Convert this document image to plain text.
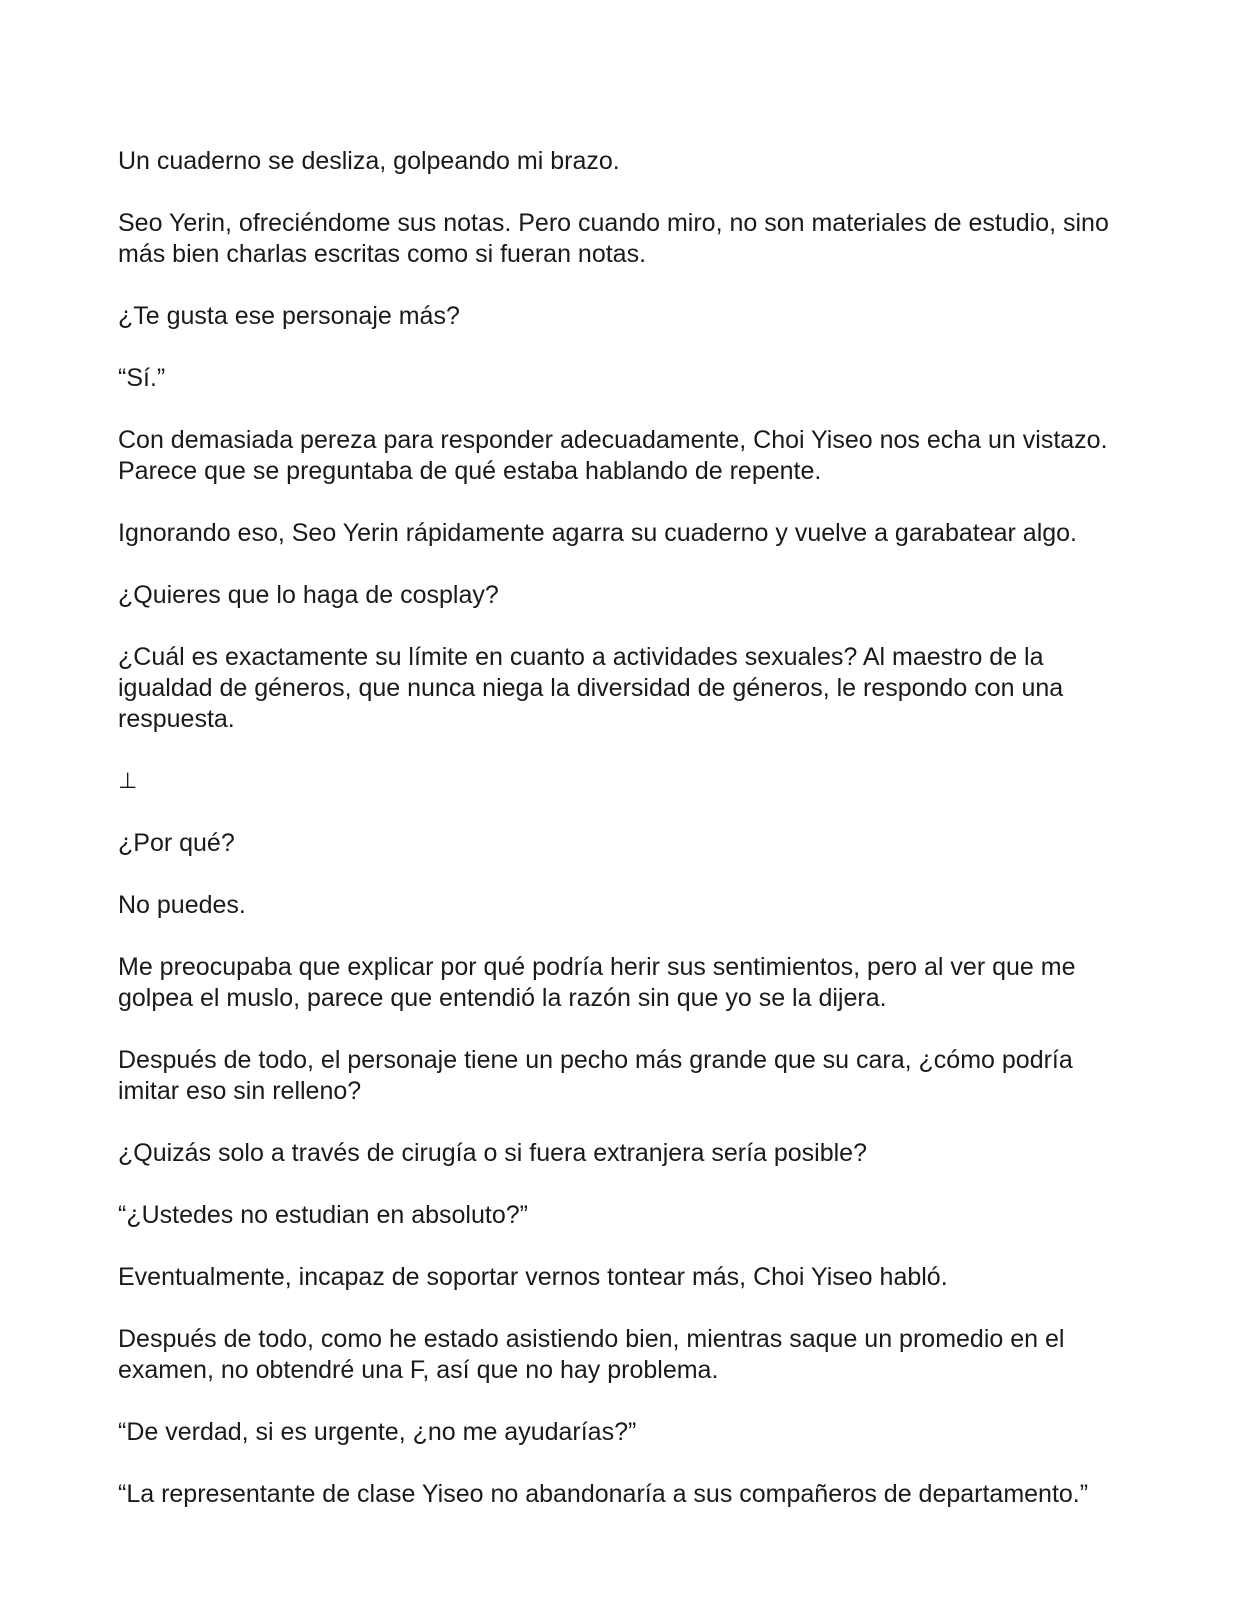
Un cuaderno se desliza, golpeando mi brazo.

Seo Yerin, ofreciéndome sus notas. Pero cuando miro, no son materiales de estudio, sino más bien charlas escritas como si fueran notas.

¿Te gusta ese personaje más?

“Sí.”

Con demasiada pereza para responder adecuadamente, Choi Yiseo nos echa un vistazo. Parece que se preguntaba de qué estaba hablando de repente.

Ignorando eso, Seo Yerin rápidamente agarra su cuaderno y vuelve a garabatear algo.

¿Quieres que lo haga de cosplay?

¿Cuál es exactamente su límite en cuanto a actividades sexuales? Al maestro de la igualdad de géneros, que nunca niega la diversidad de géneros, le respondo con una respuesta.

⊥

¿Por qué?

No puedes.

Me preocupaba que explicar por qué podría herir sus sentimientos, pero al ver que me golpea el muslo, parece que entendió la razón sin que yo se la dijera.

Después de todo, el personaje tiene un pecho más grande que su cara, ¿cómo podría imitar eso sin relleno?

¿Quizás solo a través de cirugía o si fuera extranjera sería posible?

“¿Ustedes no estudian en absoluto?”

Eventualmente, incapaz de soportar vernos tontear más, Choi Yiseo habló.

Después de todo, como he estado asistiendo bien, mientras saque un promedio en el examen, no obtendré una F, así que no hay problema.

“De verdad, si es urgente, ¿no me ayudarías?”

“La representante de clase Yiseo no abandonaría a sus compañeros de departamento.”
